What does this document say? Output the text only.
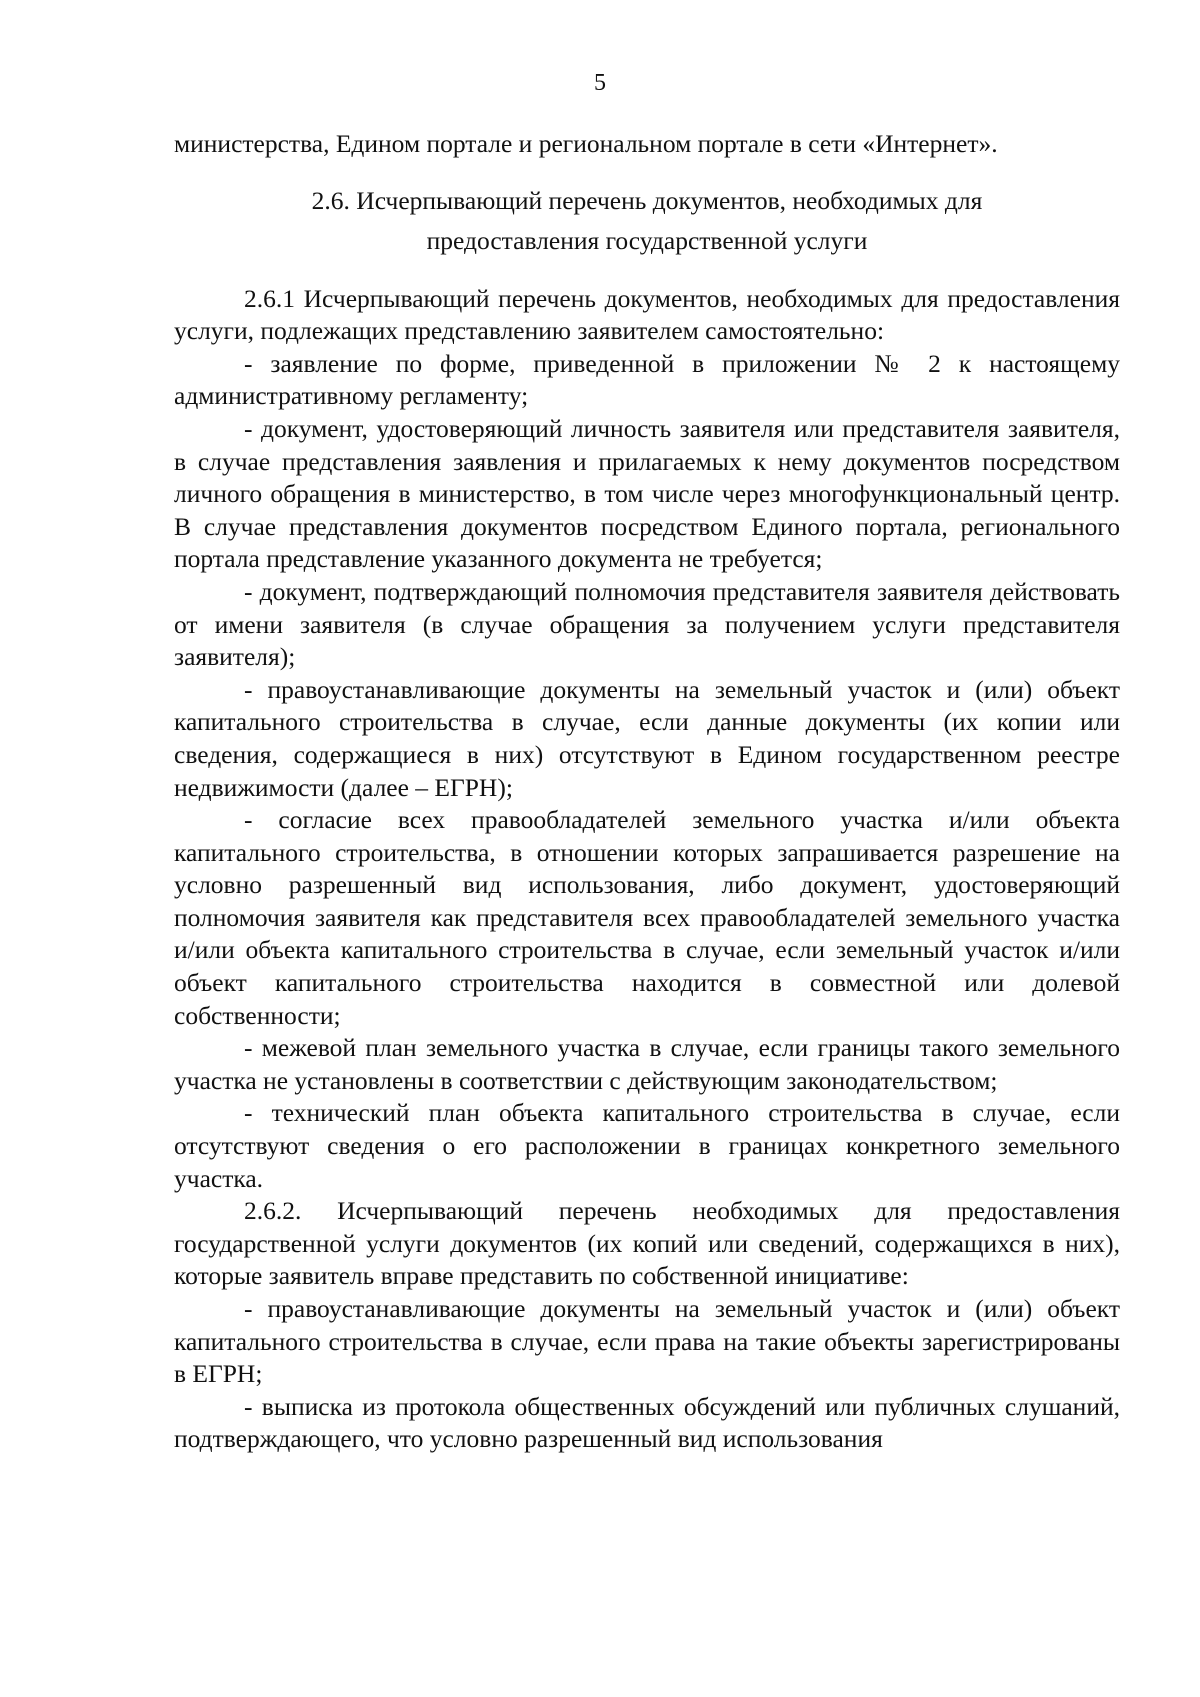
5

министерства, Едином портале и региональном портале в сети «Интернет».

2.6. Исчерпывающий перечень документов, необходимых для предоставления государственной услуги

2.6.1 Исчерпывающий перечень документов, необходимых для предоставления услуги, подлежащих представлению заявителем самостоятельно:

- заявление по форме, приведенной в приложении № 2 к настоящему административному регламенту;

- документ, удостоверяющий личность заявителя или представителя заявителя, в случае представления заявления и прилагаемых к нему документов посредством личного обращения в министерство, в том числе через многофункциональный центр. В случае представления документов посредством Единого портала, регионального портала представление указанного документа не требуется;

- документ, подтверждающий полномочия представителя заявителя действовать от имени заявителя (в случае обращения за получением услуги представителя заявителя);

- правоустанавливающие документы на земельный участок и (или) объект капитального строительства в случае, если данные документы (их копии или сведения, содержащиеся в них) отсутствуют в Едином государственном реестре недвижимости (далее – ЕГРН);

- согласие всех правообладателей земельного участка и/или объекта капитального строительства, в отношении которых запрашивается разрешение на условно разрешенный вид использования, либо документ, удостоверяющий полномочия заявителя как представителя всех правообладателей земельного участка и/или объекта капитального строительства в случае, если земельный участок и/или объект капитального строительства находится в совместной или долевой собственности;

- межевой план земельного участка в случае, если границы такого земельного участка не установлены в соответствии с действующим законодательством;

- технический план объекта капитального строительства в случае, если отсутствуют сведения о его расположении в границах конкретного земельного участка.

2.6.2. Исчерпывающий перечень необходимых для предоставления государственной услуги документов (их копий или сведений, содержащихся в них), которые заявитель вправе представить по собственной инициативе:

- правоустанавливающие документы на земельный участок и (или) объект капитального строительства в случае, если права на такие объекты зарегистрированы в ЕГРН;

- выписка из протокола общественных обсуждений или публичных слушаний, подтверждающего, что условно разрешенный вид использования
